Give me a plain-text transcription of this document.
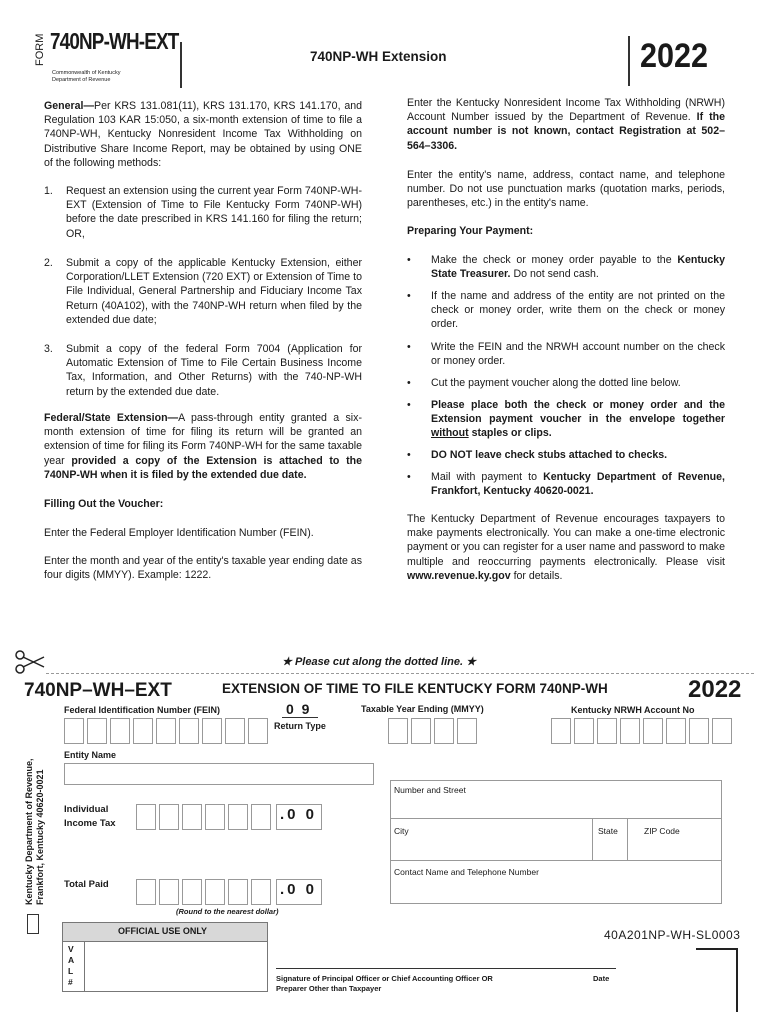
FORM 740NP-WH-EXT
Commonwealth of Kentucky
Department of Revenue
740NP-WH Extension	2022
General—Per KRS 131.081(11), KRS 131.170, KRS 141.170, and Regulation 103 KAR 15:050, a six-month extension of time to file a 740NP-WH, Kentucky Nonresident Income Tax Withholding on Distributive Share Income Report, may be obtained by using ONE of the following methods:
1. Request an extension using the current year Form 740NP-WH-EXT (Extension of Time to File Kentucky Form 740NP-WH) before the date prescribed in KRS 141.160 for filing the return; OR,
2. Submit a copy of the applicable Kentucky Extension, either Corporation/LLET Extension (720 EXT) or Extension of Time to File Individual, General Partnership and Fiduciary Income Tax Return (40A102), with the 740NP-WH return when filed by the extended due date;
3. Submit a copy of the federal Form 7004 (Application for Automatic Extension of Time to File Certain Business Income Tax, Information, and Other Returns) with the 740-NP-WH return by the extended due date.
Federal/State Extension—A pass-through entity granted a six-month extension of time for filing its return will be granted an extension of time for filing its Form 740NP-WH for the same taxable year provided a copy of the Extension is attached to the 740NP-WH when it is filed by the extended due date.
Filling Out the Voucher:
Enter the Federal Employer Identification Number (FEIN).
Enter the month and year of the entity's taxable year ending date as four digits (MMYY). Example: 1222.
Enter the Kentucky Nonresident Income Tax Withholding (NRWH) Account Number issued by the Department of Revenue. If the account number is not known, contact Registration at 502–564–3306.
Enter the entity's name, address, contact name, and telephone number. Do not use punctuation marks (quotation marks, periods, parentheses, etc.) in the entity's name.
Preparing Your Payment:
• Make the check or money order payable to the Kentucky State Treasurer. Do not send cash.
• If the name and address of the entity are not printed on the check or money order, write them on the check or money order.
• Write the FEIN and the NRWH account number on the check or money order.
• Cut the payment voucher along the dotted line below.
• Please place both the check or money order and the Extension payment voucher in the envelope together without staples or clips.
• DO NOT leave check stubs attached to checks.
• Mail with payment to Kentucky Department of Revenue, Frankfort, Kentucky 40620-0021.
The Kentucky Department of Revenue encourages taxpayers to make payments electronically. You can make a one-time electronic payment or you can register for a user name and password to make multiple and reoccurring payments electronically. Please visit www.revenue.ky.gov for details.
★ Please cut along the dotted line. ★
740NP–WH–EXT	EXTENSION OF TIME TO FILE KENTUCKY FORM 740NP-WH	2022
Federal Identification Number (FEIN)	0  9
Return Type
Taxable Year Ending (MMYY)	Kentucky NRWH Account No
Entity Name
Number and Street
City	State	ZIP Code
Contact Name and Telephone Number
Individual
Income Tax
.0 0
Total Paid	.0 0
(Round to the nearest dollar)
Kentucky Department of Revenue, Frankfort, Kentucky 40620-0021
OFFICIAL USE ONLY
V A L #	Signature of Principal Officer or Chief Accounting Officer OR
Preparer Other than Taxpayer
Date
40A201NP-WH-SL0003
